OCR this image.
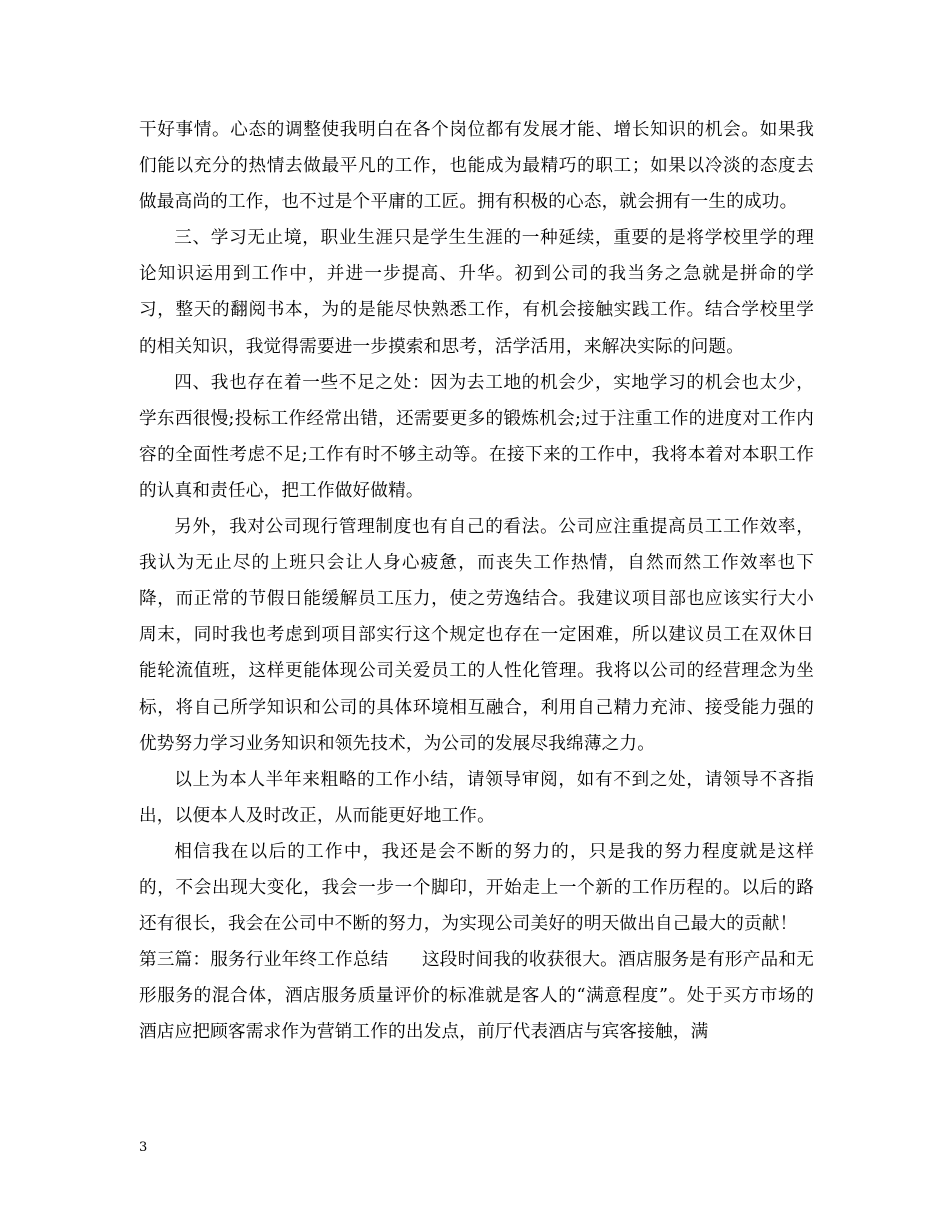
干好事情。心态的调整使我明白在各个岗位都有发展才能、增长知识的机会。如果我们能以充分的热情去做最平凡的工作，也能成为最精巧的职工；如果以冷淡的态度去做最高尚的工作，也不过是个平庸的工匠。拥有积极的心态，就会拥有一生的成功。

三、学习无止境，职业生涯只是学生生涯的一种延续，重要的是将学校里学的理论知识运用到工作中，并进一步提高、升华。初到公司的我当务之急就是拼命的学习，整天的翻阅书本，为的是能尽快熟悉工作，有机会接触实践工作。结合学校里学的相关知识，我觉得需要进一步摸索和思考，活学活用，来解决实际的问题。

四、我也存在着一些不足之处：因为去工地的机会少，实地学习的机会也太少，学东西很慢;投标工作经常出错，还需要更多的锻炼机会;过于注重工作的进度对工作内容的全面性考虑不足;工作有时不够主动等。在接下来的工作中，我将本着对本职工作的认真和责任心，把工作做好做精。

另外，我对公司现行管理制度也有自己的看法。公司应注重提高员工工作效率，我认为无止尽的上班只会让人身心疲惫，而丧失工作热情，自然而然工作效率也下降，而正常的节假日能缓解员工压力，使之劳逸结合。我建议项目部也应该实行大小周末，同时我也考虑到项目部实行这个规定也存在一定困难，所以建议员工在双休日能轮流值班，这样更能体现公司关爱员工的人性化管理。我将以公司的经营理念为坐标，将自己所学知识和公司的具体环境相互融合，利用自己精力充沛、接受能力强的优势努力学习业务知识和领先技术，为公司的发展尽我绵薄之力。

以上为本人半年来粗略的工作小结，请领导审阅，如有不到之处，请领导不吝指出，以便本人及时改正，从而能更好地工作。

相信我在以后的工作中，我还是会不断的努力的，只是我的努力程度就是这样的，不会出现大变化，我会一步一个脚印，开始走上一个新的工作历程的。以后的路还有很长，我会在公司中不断的努力，为实现公司美好的明天做出自己最大的贡献！

第三篇：服务行业年终工作总结 这段时间我的收获很大。酒店服务是有形产品和无形服务的混合体，酒店服务质量评价的标准就是客人的“满意程度”。处于买方市场的酒店应把顾客需求作为营销工作的出发点，前厅代表酒店与宾客接触，满

3
